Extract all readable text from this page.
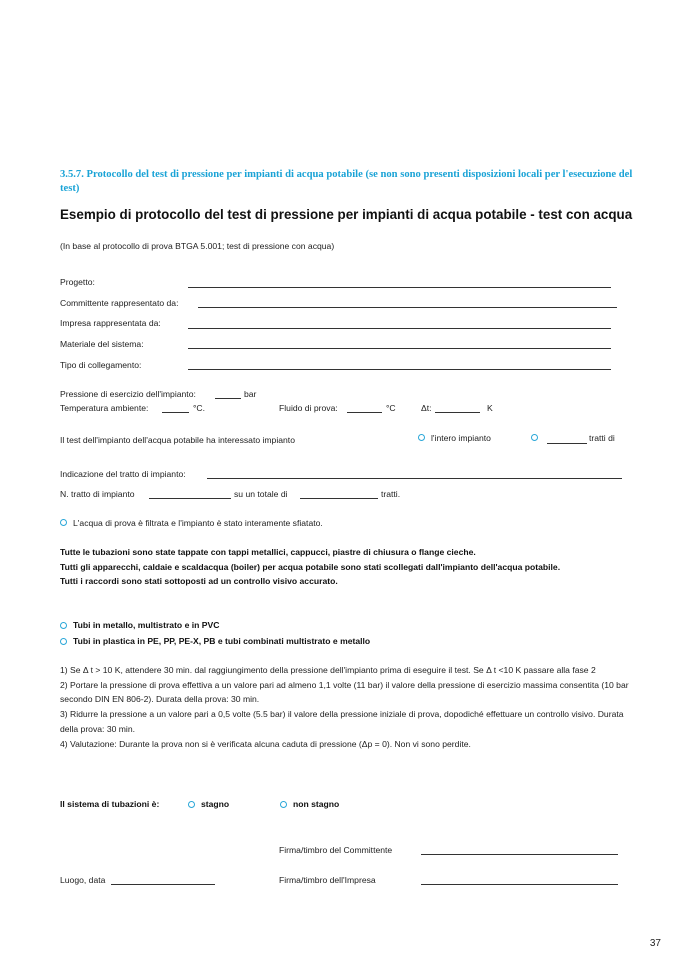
3.5.7. Protocollo del test di pressione per impianti di acqua potabile (se non sono presenti disposizioni locali per l'esecuzione del test)
Esempio di protocollo del test di pressione per impianti di acqua potabile - test con acqua
(In base al protocollo di prova BTGA 5.001; test di pressione con acqua)
Progetto:
Committente rappresentato da:
Impresa rappresentata da:
Materiale del sistema:
Tipo di collegamento:
Pressione di esercizio dell'impianto:	bar
Temperatura ambiente:	°C.	Fluido di prova:	°C	Δt:	K
Il test dell'impianto dell'acqua potabile ha interessato impianto	l'intero impianto	tratti di
Indicazione del tratto di impianto:
N. tratto di impianto	su un totale di	tratti.
L'acqua di prova è filtrata e l'impianto è stato interamente sfiatato.
Tutte le tubazioni sono state tappate con tappi metallici, cappucci, piastre di chiusura o flange cieche.
Tutti gli apparecchi, caldaie e scaldacqua (boiler) per acqua potabile sono stati scollegati dall'impianto dell'acqua potabile.
Tutti i raccordi sono stati sottoposti ad un controllo visivo accurato.
Tubi in metallo, multistrato e in PVC
Tubi in plastica in PE, PP, PE-X, PB e tubi combinati multistrato e metallo
1) Se Δ t > 10 K, attendere 30 min. dal raggiungimento della pressione dell'impianto prima di eseguire il test. Se Δ t <10 K passare alla fase 2
2) Portare la pressione di prova effettiva a un valore pari ad almeno 1,1 volte (11 bar) il valore della pressione di esercizio massima consentita (10 bar secondo DIN EN 806-2). Durata della prova: 30 min.
3) Ridurre la pressione a un valore pari a 0,5 volte (5.5 bar) il valore della pressione iniziale di prova, dopodiché effettuare un controllo visivo. Durata della prova: 30 min.
4) Valutazione: Durante la prova non si è verificata alcuna caduta di pressione (Δp = 0). Non vi sono perdite.
Il sistema di tubazioni è:	stagno	non stagno
Firma/timbro del Committente
Luogo, data	Firma/timbro dell'Impresa
37
